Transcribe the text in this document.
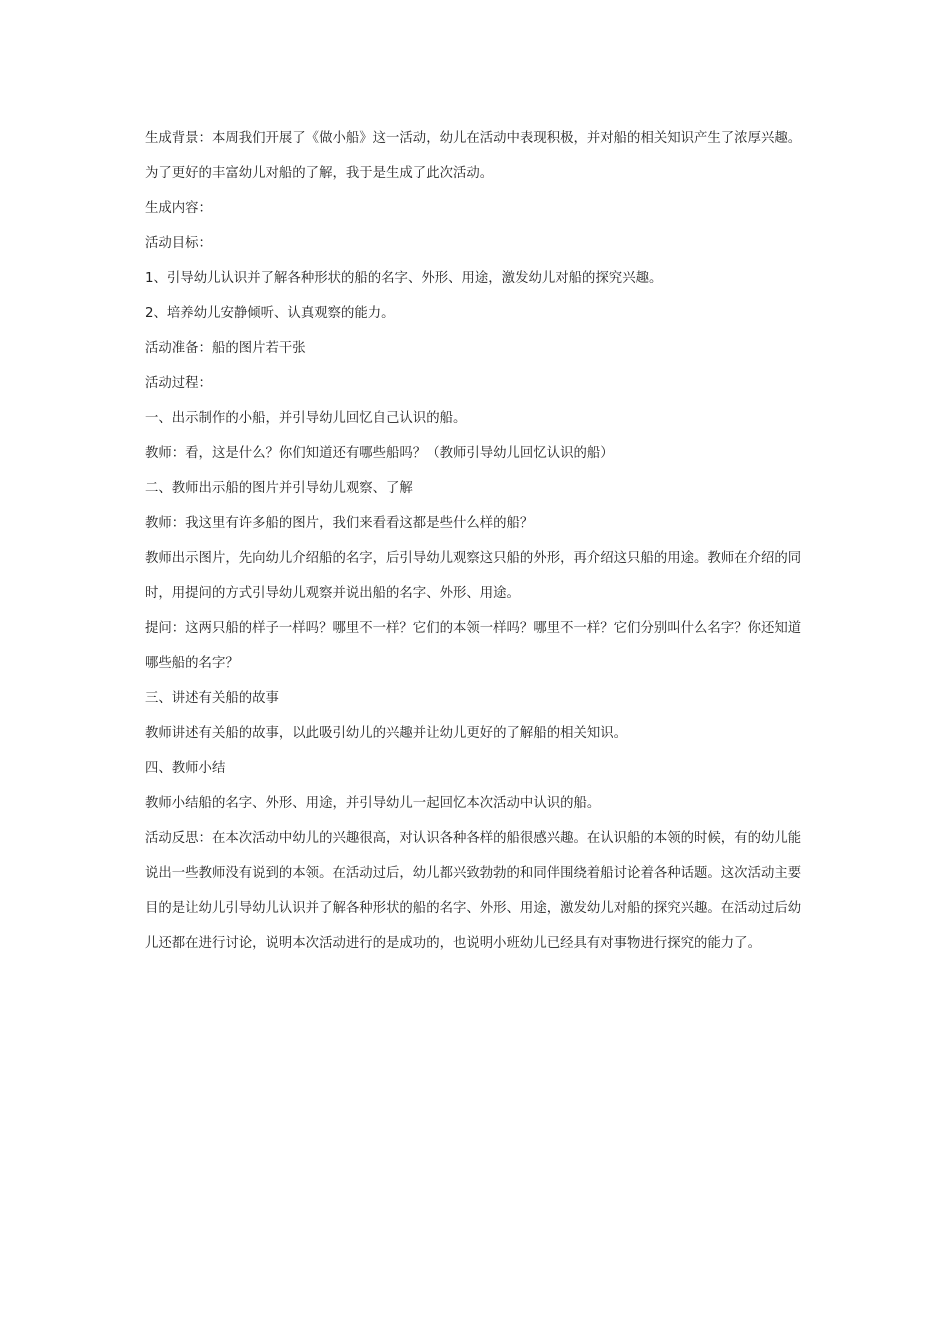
生成背景：本周我们开展了《做小船》这一活动，幼儿在活动中表现积极，并对船的相关知识产生了浓厚兴趣。为了更好的丰富幼儿对船的了解，我于是生成了此次活动。

生成内容：

活动目标：

1、引导幼儿认识并了解各种形状的船的名字、外形、用途，激发幼儿对船的探究兴趣。

2、培养幼儿安静倾听、认真观察的能力。

活动准备：船的图片若干张

活动过程：

一、出示制作的小船，并引导幼儿回忆自己认识的船。

教师：看，这是什么？你们知道还有哪些船吗？（教师引导幼儿回忆认识的船）

二、教师出示船的图片并引导幼儿观察、了解

教师：我这里有许多船的图片，我们来看看这都是些什么样的船？

教师出示图片，先向幼儿介绍船的名字，后引导幼儿观察这只船的外形，再介绍这只船的用途。教师在介绍的同时，用提问的方式引导幼儿观察并说出船的名字、外形、用途。

提问：这两只船的样子一样吗？哪里不一样？它们的本领一样吗？哪里不一样？它们分别叫什么名字？你还知道哪些船的名字？

三、讲述有关船的故事

教师讲述有关船的故事，以此吸引幼儿的兴趣并让幼儿更好的了解船的相关知识。

四、教师小结

教师小结船的名字、外形、用途，并引导幼儿一起回忆本次活动中认识的船。

活动反思：在本次活动中幼儿的兴趣很高，对认识各种各样的船很感兴趣。在认识船的本领的时候，有的幼儿能说出一些教师没有说到的本领。在活动过后，幼儿都兴致勃勃的和同伴围绕着船讨论着各种话题。这次活动主要目的是让幼儿引导幼儿认识并了解各种形状的船的名字、外形、用途，激发幼儿对船的探究兴趣。在活动过后幼儿还都在进行讨论，说明本次活动进行的是成功的，也说明小班幼儿已经具有对事物进行探究的能力了。
